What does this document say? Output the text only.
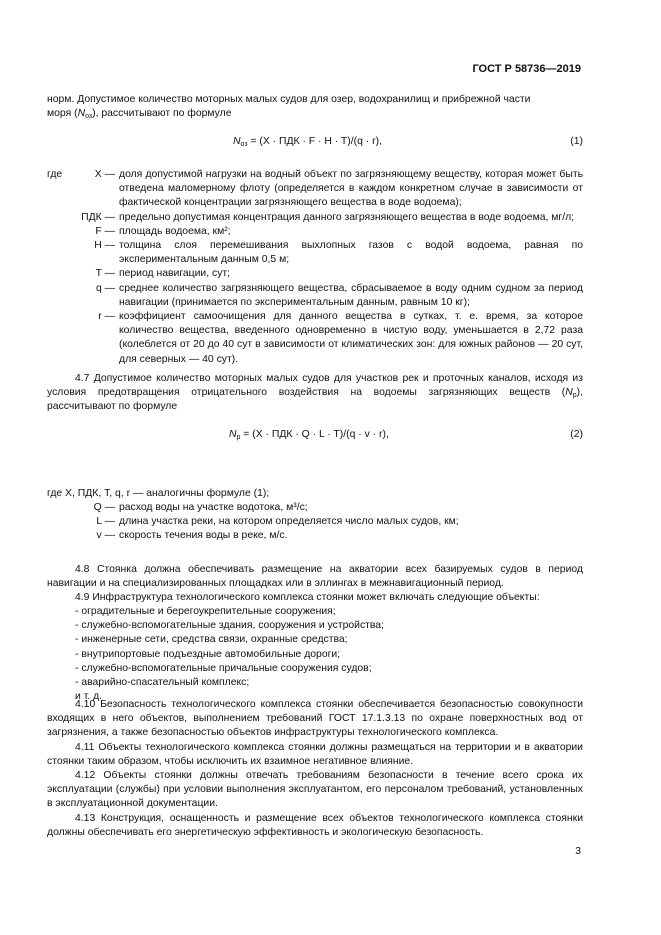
ГОСТ Р 58736—2019
норм. Допустимое количество моторных малых судов для озер, водохранилищ и прибрежной части
моря $(N_{оз})$, рассчитывают по формуле
$N_{оз} = (X$ · ПДК · F · H · T)/(q · r),	(1)

где	X — доля допустимой нагрузки на водный объект по загрязняющему веществу, которая может быть отведена маломерному флоту (определяется в каждом конкретном случае в зависимости от фактической концентрации загрязняющего вещества в воде водоема);

ПДК — предельно допустимая концентрация данного загрязняющего вещества в воде водоема, мг/л;

F — площадь водоема, км²;

H — толщина слоя перемешивания выхлопных газов с водой водоема, равная по экспериментальным данным 0,5 м;

T — период навигации, сут;

q — среднее количество загрязняющего вещества, сбрасываемое в воду одним судном за период навигации (принимается по экспериментальным данным, равным 10 кг);

r — коэффициент самоочищения для данного вещества в сутках, т. е. время, за которое количество вещества, введенного одновременно в чистую воду, уменьшается в 2,72 раза (колеблется от 20 до 40 сут в зависимости от климатических зон: для южных районов — 20 сут, для северных — 40 сут).

4.7 Допустимое количество моторных малых судов для участков рек и проточных каналов, исходя из условия предотвращения отрицательного воздействия на водоемы загрязняющих веществ $(N_р)$, рассчитывают по формуле
$N_р = (X$ · ПДК · Q · L · T)/(q · v · r),	(2)
где X, ПДК, T, q, r — аналогичны формуле (1);

Q — расход воды на участке водотока, м³/с;

L — длина участка реки, на котором определяется число малых судов, км;

v — скорость течения воды в реке, м/с.

4.8 Стоянка должна обеспечивать размещение на акватории всех базируемых судов в период навигации и на специализированных площадках или в эллингах в межнавигационный период.
4.9 Инфраструктура технологического комплекса стоянки может включать следующие объекты:

- оградительные и берегоукрепительные сооружения;

- служебно-вспомогательные здания, сооружения и устройства;

- инженерные сети, средства связи, охранные средства;

- внутрипортовые подъездные автомобильные дороги;

- служебно-вспомогательные причальные сооружения судов;

- аварийно-спасательный комплекс;

и т. д.

4.10 Безопасность технологического комплекса стоянки обеспечивается безопасностью совокупности входящих в него объектов, выполнением требований ГОСТ 17.1.3.13 по охране поверхностных вод от загрязнения, а также безопасностью объектов инфраструктуры технологического комплекса.
4.11 Объекты технологического комплекса стоянки должны размещаться на территории и в акватории стоянки таким образом, чтобы исключить их взаимное негативное влияние.
4.12 Объекты стоянки должны отвечать требованиям безопасности в течение всего срока их эксплуатации (службы) при условии выполнения эксплуатантом, его персоналом требований, установленных в эксплуатационной документации.
4.13 Конструкция, оснащенность и размещение всех объектов технологического комплекса стоянки должны обеспечивать его энергетическую эффективность и экологическую безопасность.
3
